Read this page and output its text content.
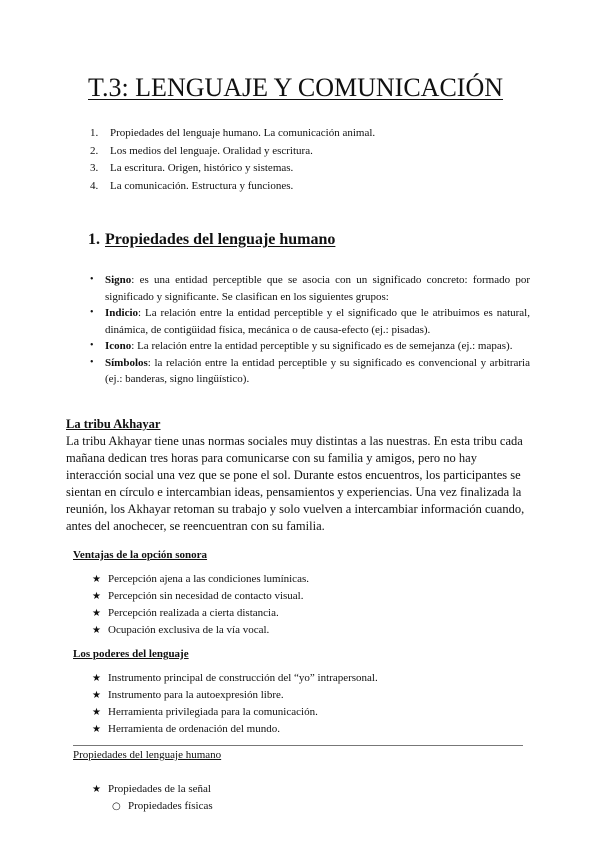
T.3: LENGUAJE Y COMUNICACIÓN
1. Propiedades del lenguaje humano. La comunicación animal.
2. Los medios del lenguaje. Oralidad y escritura.
3. La escritura. Origen, histórico y sistemas.
4. La comunicación. Estructura y funciones.
1. Propiedades del lenguaje humano
• Signo: es una entidad perceptible que se asocia con un significado concreto: formado por significado y significante. Se clasifican en los siguientes grupos:
• Indicio: La relación entre la entidad perceptible y el significado que le atribuimos es natural, dinámica, de contigüidad física, mecánica o de causa-efecto (ej.: pisadas).
• Icono: La relación entre la entidad perceptible y su significado es de semejanza (ej.: mapas).
• Símbolos: la relación entre la entidad perceptible y su significado es convencional y arbitraria (ej.: banderas, signo lingüístico).
La tribu Akhayar

La tribu Akhayar tiene unas normas sociales muy distintas a las nuestras. En esta tribu cada mañana dedican tres horas para comunicarse con su familia y amigos, pero no hay interacción social una vez que se pone el sol. Durante estos encuentros, los participantes se sientan en círculo e intercambian ideas, pensamientos y experiencias. Una vez finalizada la reunión, los Akhayar retoman su trabajo y solo vuelven a intercambiar información cuando, antes del anochecer, se reencuentran con su familia.

Ventajas de la opción sonora
★ Percepción ajena a las condiciones lumínicas.
★ Percepción sin necesidad de contacto visual.
★ Percepción realizada a cierta distancia.
★ Ocupación exclusiva de la vía vocal.
Los poderes del lenguaje
★ Instrumento principal de construcción del “yo” intrapersonal.
★ Instrumento para la autoexpresión libre.
★ Herramienta privilegiada para la comunicación.
★ Herramienta de ordenación del mundo.
Propiedades del lenguaje humano
★ Propiedades de la señal
○ Propiedades físicas
